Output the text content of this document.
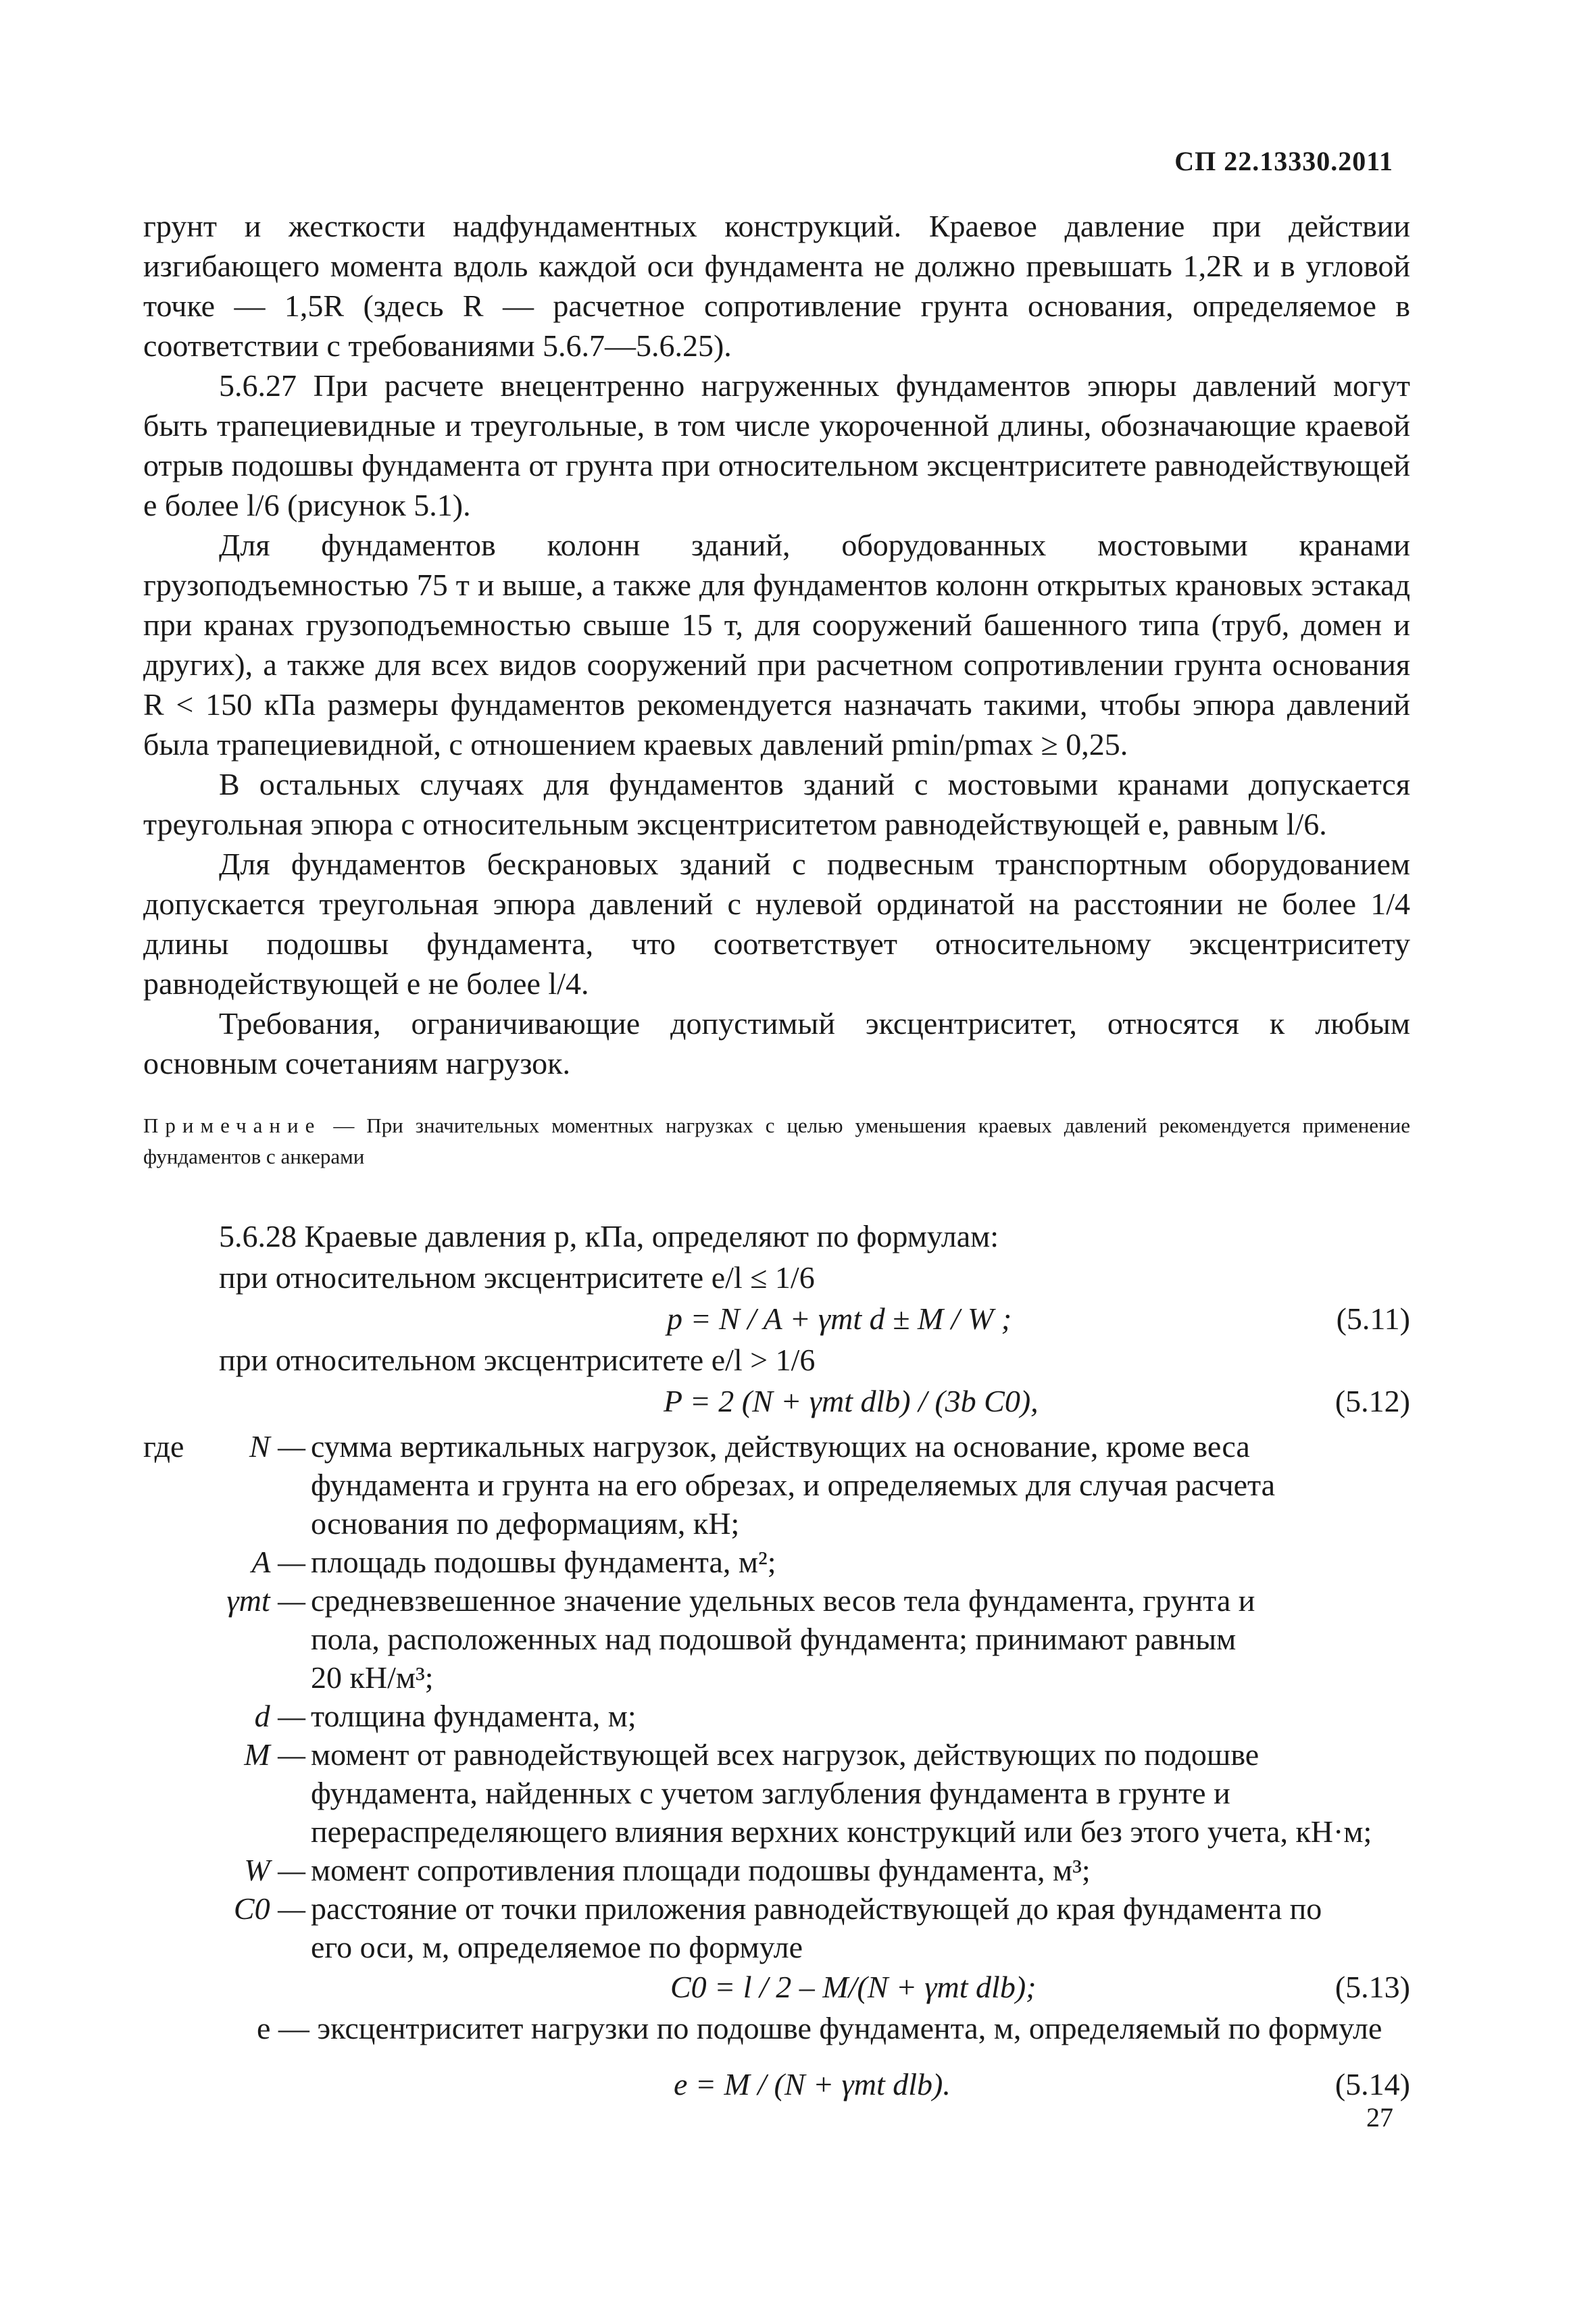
СП 22.13330.2011

грунт и жесткости надфундаментных конструкций. Краевое давление при действии изгибающего момента вдоль каждой оси фундамента не должно превышать 1,2R и в угловой точке — 1,5R (здесь R — расчетное сопротивление грунта основания, определяемое в соответствии с требованиями 5.6.7—5.6.25).

5.6.27 При расчете внецентренно нагруженных фундаментов эпюры давлений могут быть трапециевидные и треугольные, в том числе укороченной длины, обозначающие краевой отрыв подошвы фундамента от грунта при относительном эксцентриситете равнодействующей e более l/6 (рисунок 5.1).

Для фундаментов колонн зданий, оборудованных мостовыми кранами грузоподъемностью 75 т и выше, а также для фундаментов колонн открытых крановых эстакад при кранах грузоподъемностью свыше 15 т, для сооружений башенного типа (труб, домен и других), а также для всех видов сооружений при расчетном сопротивлении грунта основания R < 150 кПа размеры фундаментов рекомендуется назначать такими, чтобы эпюра давлений была трапециевидной, с отношением краевых давлений pmin/pmax ≥ 0,25.

В остальных случаях для фундаментов зданий с мостовыми кранами допускается треугольная эпюра с относительным эксцентриситетом равнодействующей e, равным l/6.

Для фундаментов бескрановых зданий с подвесным транспортным оборудованием допускается треугольная эпюра давлений с нулевой ординатой на расстоянии не более 1/4 длины подошвы фундамента, что соответствует относительному эксцентриситету равнодействующей e не более l/4.

Требования, ограничивающие допустимый эксцентриситет, относятся к любым основным сочетаниям нагрузок.

Примечание — При значительных моментных нагрузках с целью уменьшения краевых давлений рекомендуется применение фундаментов с анкерами
5.6.28 Краевые давления p, кПа, определяют по формулам:
при относительном эксцентриситете e/l ≤ 1/6
p = N / A + γmt d ± M / W ;	(5.11)
при относительном эксцентриситете e/l > 1/6
P = 2 (N + γmt dlb) / (3b C0),	(5.12)
где N — сумма вертикальных нагрузок, действующих на основание, кроме веса
фундамента и грунта на его обрезах, и определяемых для случая расчета
основания по деформациям, кН;
A — площадь подошвы фундамента, м²;
γmt — средневзвешенное значение удельных весов тела фундамента, грунта и
пола, расположенных над подошвой фундамента; принимают равным
20 кН/м³;
d — толщина фундамента, м;
M — момент от равнодействующей всех нагрузок, действующих по подошве
фундамента, найденных с учетом заглубления фундамента в грунте и
перераспределяющего влияния верхних конструкций или без этого учета, кН·м;
W — момент сопротивления площади подошвы фундамента, м³;
C0 — расстояние от точки приложения равнодействующей до края фундамента по
его оси, м, определяемое по формуле
C0 = l / 2 – M/(N + γmt dlb);	(5.13)
e — эксцентриситет нагрузки по подошве фундамента, м, определяемый по формуле
e = M / (N + γmt dlb).	(5.14)
27
